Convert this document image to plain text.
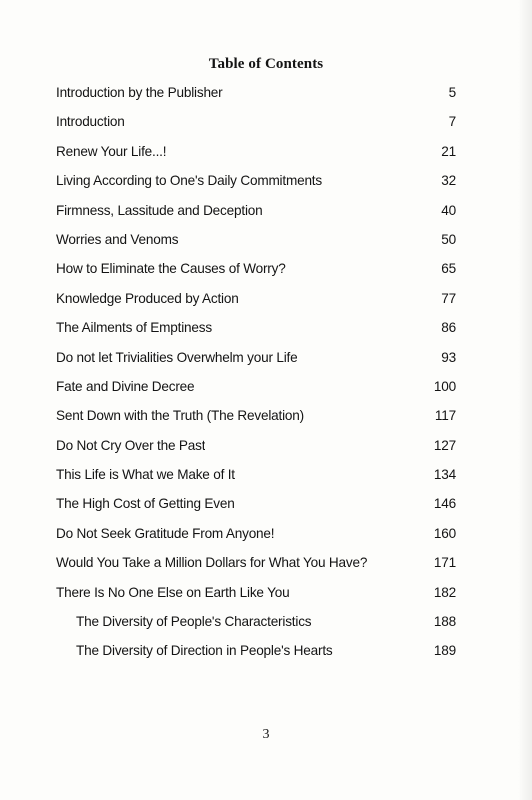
Table of Contents
Introduction by the Publisher	5
Introduction	7
Renew Your Life...!	21
Living According to One's Daily Commitments	32
Firmness, Lassitude and Deception	40
Worries and Venoms	50
How to Eliminate the Causes of Worry?	65
Knowledge Produced by Action	77
The Ailments of Emptiness	86
Do not let Trivialities Overwhelm your Life	93
Fate and Divine Decree	100
Sent Down with the Truth (The Revelation)	117
Do Not Cry Over the Past	127
This Life is What we Make of It	134
The High Cost of Getting Even	146
Do Not Seek Gratitude From Anyone!	160
Would You Take a Million Dollars for What You Have?	171
There Is No One Else on Earth Like You	182
The Diversity of People's Characteristics	188
The Diversity of Direction in People's Hearts	189
3
